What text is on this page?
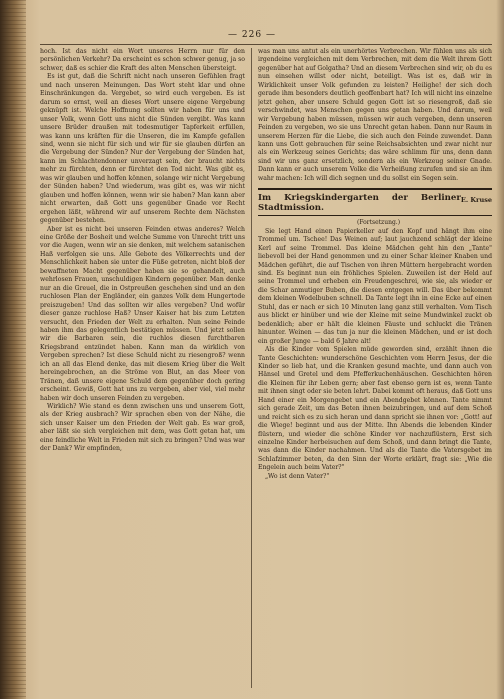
— 226 —

hoch. Ist das nicht ein Wort unseres Herrn nur für den persönlichen Verkehr? Da erscheint es schon schwer genug, ja so schwer, daß es schier die Kraft des alten Menschen übersteigt.

Es ist gut, daß die Schrift nicht nach unseren Gefühlen fragt und nach unseren Meinungen. Das Wort steht klar und ohne Einschränkungen da. Vergebet, so wird euch vergeben. Es ist darum so ernst, weil an dieses Wort unsere eigene Vergebung geknüpft ist. Welche Hoffnung sollten wir haben für uns und unser Volk, wenn Gott uns nicht die Sünden vergibt. Was kann unsere Brüder draußen mit todesmutiger Tapferkeit erfüllen, was kann uns kräften für die Unseren, die im Kampfe gefallen sind, wenn sie nicht für sich und wir für sie glauben dürfen an die Vergebung der Sünden? Nur der Vergebung der Sünden hat, kann im Schlachtendonner unverzagt sein, der braucht nichts mehr zu fürchten, denn er fürchtet den Tod nicht. Was gibt es, was wir glauben und hoffen können, solange wir nicht Vergebung der Sünden haben? Und wiederum, was gibt es, was wir nicht glauben und hoffen können, wenn wir sie haben? Man kann aber nicht erwarten, daß Gott uns gegenüber Gnade vor Recht ergehen läßt, während wir auf unserem Rechte dem Nächsten gegenüber bestehen.

Aber ist es nicht bei unseren Feinden etwas anderes? Welch eine Größe der Bosheit und welche Summe von Unrecht tritt uns vor die Augen, wenn wir an sie denken, mit welchem satanischen Haß verfolgen sie uns. Alle Gebote des Völkerrechts und der Menschlichkeit haben sie unter die Füße getreten, nicht bloß der bewaffneten Macht gegenüber haben sie so gehandelt, auch wehrlosen Frauen, unschuldigen Kindern gegenüber. Man denke nur an die Greuel, die in Ostpreußen geschehen sind und an den ruchlosen Plan der Engländer, ein ganzes Volk dem Hungertode preiszugeben! Und das sollten wir alles vergeben? Und wofür dieser ganze ruchlose Haß? Unser Kaiser hat bis zum Letzten versucht, den Frieden der Welt zu erhalten. Nun seine Feinde haben ihm das gelegentlich bestätigen müssen. Und jetzt sollen wir die Barbaren sein, die ruchlos diesen furchtbaren Kriegsbrand entzündet haben. Kann man da wirklich von Vergeben sprechen? Ist diese Schuld nicht zu riesengroß? wenn ich an all das Elend denke, das mit diesem Krieg über die Welt hereingebrochen, an die Ströme von Blut, an das Meer von Tränen, daß unsere eigene Schuld dem gegenüber doch gering erscheint. Gewiß, Gott hat uns zu vergeben, aber viel, viel mehr haben wir doch unseren Feinden zu vergeben.

Wirklich? Wie stand es denn zwischen uns und unserem Gott, als der Krieg ausbrach? Wir sprachen eben von der Nähe, die sich unser Kaiser um den Frieden der Welt gab. Es war groß, aber läßt sie sich vergleichen mit dem, was Gott getan hat, um eine feindliche Welt in Frieden mit sich zu bringen? Und was war der Dank? Wir empfinden,

was man uns antut als ein unerhörtes Verbrechen. Wir fühlen uns als sich irgendeine vergleichen mit dem Verbrechen, mit dem die Welt ihrem Gott gegenüber hat auf Golgatha? Und an diesem Verbrechen sind wir, ob du es nun einsehen willst oder nicht, beteiligt. Was ist es, daß wir in Wirklichkeit unser Volk gefunden zu leisten? Heilighe! der sich doch gerade ihm besonders deutlich geoffenbart hat? Ich will nicht ins einzelne jetzt gehen, aber unsere Schuld gegen Gott ist so riesengroß, daß sie verschwindet, was Menschen gegen uns getan haben. Und darum, weil wir Vergebung haben müssen, müssen wir auch vergeben, denn unseren Feinden zu vergeben, wo sie uns Unrecht getan haben. Dann nur Raum in unserem Herzen für die Liebe, die sich auch den Feinde zuwendet. Dann kann uns Gott gebrauchen für seine Reichsabsichten und zwar nicht nur als ein Werkzeug seines Gerichts; das wäre schlimm für uns, denn dann sind wir uns ganz ersetzlich, sondern als ein Werkzeug seiner Gnade. Dann kann er auch unserem Volke die Verheißung zurufen und sie an ihm wahr machen: Ich will dich segnen und du sollst ein Segen sein.

E. Kruse
Im Kriegskindergarten der Berliner Stadtmission.

(Fortsetzung.)

Sie legt Hand einen Papierkeller auf den Kopf und hängt ihm eine Trommel um. Tschee! Das Weinen auf; laut jauchzend schlägt der kleine Kerl auf seine Trommel. Das kleine Mädchen geht hin den „Tante" liebevoll bei der Hand genommen und zu einer Schar kleiner Knaben und Mädchen geführt, die auf Tischen von ihren Müttern hergebracht worden sind. Es beginnt nun ein fröhliches Spielen. Zuweilen ist der Held auf seine Trommel und erheben ein Freudengeschrei, wie sie, als wieder er die Schar anmutiger Buben, die diesen entgegen will. Das über bekommt dem kleinen Wodelbuben schnell. Da Tante legt ihn in eine Ecke auf einen Stuhl, das er nach er sich 10 Minuten lang ganz still verhalten. Vom Tisch aus blickt er hinüber und wie der Kleine mit seine Mundwinkel zuckt ob bedenklich; aber er hält die kleinen Fäuste und schluckt die Tränen hinunter. Weinen — das tun ja nur die kleinen Mädchen, und er ist doch ein großer Junge — bald 6 Jahre alt!

Als die Kinder vom Spielen müde geworden sind, erzählt ihnen die Tante Geschichten: wunderschöne Geschichten vom Herrn Jesus, der die Kinder so lieb hat, und die Kranken gesund machte, und dann auch von Hänsel und Gretel und dem Pfefferkuchenhäuschen. Geschichten hören die Kleinen für ihr Leben gern; aber fast ebenso gern ist es, wenn Tante mit ihnen singt oder sie beten lehrt. Dabei kommt oft heraus, daß Gott uns Hand einer ein Morgengebet und ein Abendgebet können. Tante nimmt sich gerade Zeit, um das Beten ihnen beizubringen, und auf dem Schoß und reicht sich es zu sich heran und dann spricht sie ihnen vor: „Gott! auf die Wiege! beginnt und aus der Mitte. Ihn Abends die lebenden Kinder flüstern, und wieder die schöne Kinder vor nachzuflüstern, Erst sich einzelne Kinder herbeisuchen auf dem Schoß, und dann bringt die Tante, was dann die Kinder nachahmen. Und als die Tante die Vatersgebet im Schlafzimmer beten, da den Sinn der Worte erklärt, fragt sie: „Wie die Engelein auch beim Vater?"

„Wo ist denn Vater?"
